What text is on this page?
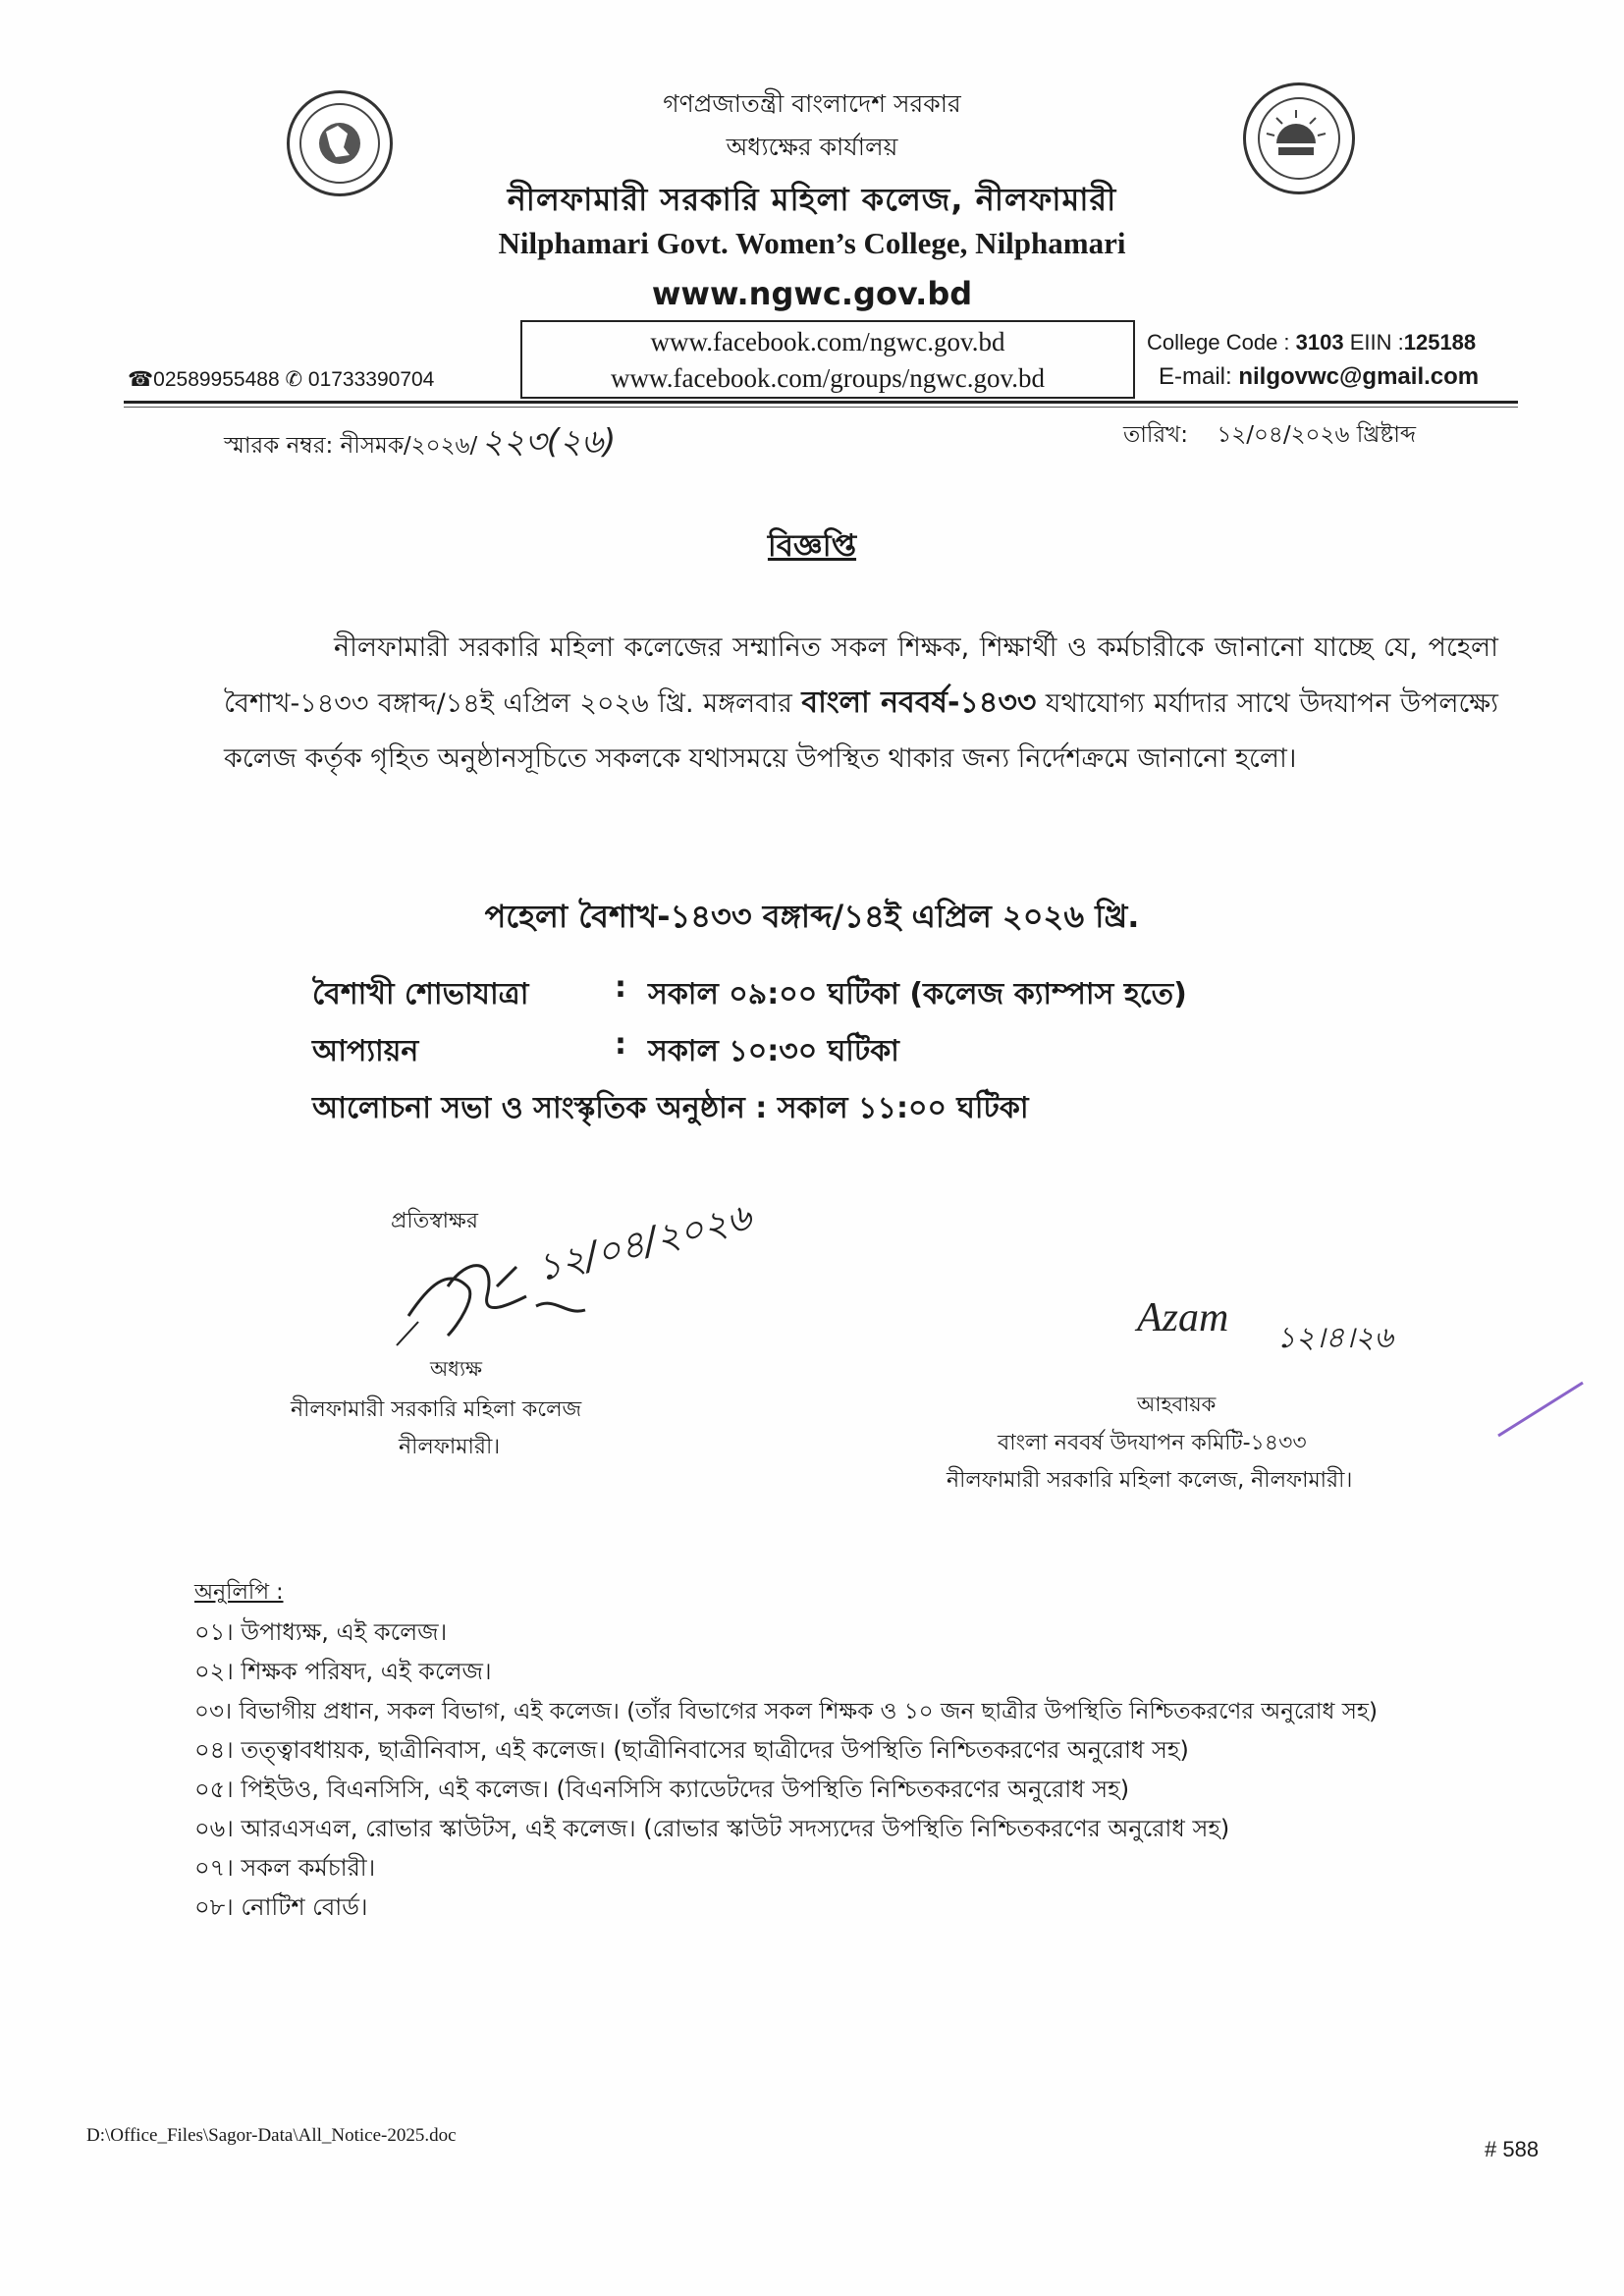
গণপ্রজাতন্ত্রী বাংলাদেশ সরকার
অধ্যক্ষের কার্যালয়
নীলফামারী সরকারি মহিলা কলেজ, নীলফামারী
Nilphamari Govt. Women’s College, Nilphamari
www.ngwc.gov.bd
www.facebook.com/ngwc.gov.bd
www.facebook.com/groups/ngwc.gov.bd
☎02589955488 ✆ 01733390704
College Code : 3103 EIIN :125188
E-mail: nilgovwc@gmail.com
স্মারক নম্বর: নীসমক/২০২৬/ ২২৩(২৬)	তারিখ: ১২/০৪/২০২৬ খ্রিষ্টাব্দ
বিজ্ঞপ্তি
নীলফামারী সরকারি মহিলা কলেজের সম্মানিত সকল শিক্ষক, শিক্ষার্থী ও কর্মচারীকে জানানো যাচ্ছে যে, পহেলা বৈশাখ-১৪৩৩ বঙ্গাব্দ/১৪ই এপ্রিল ২০২৬ খ্রি. মঙ্গলবার বাংলা নববর্ষ-১৪৩৩ যথাযোগ্য মর্যাদার সাথে উদযাপন উপলক্ষ্যে কলেজ কর্তৃক গৃহিত অনুষ্ঠানসূচিতে সকলকে যথাসময়ে উপস্থিত থাকার জন্য নির্দেশক্রমে জানানো হলো।
পহেলা বৈশাখ-১৪৩৩ বঙ্গাব্দ/১৪ই এপ্রিল ২০২৬ খ্রি.
বৈশাখী শোভাযাত্রা	: সকাল ০৯:০০ ঘটিকা (কলেজ ক্যাম্পাস হতে)
আপ্যায়ন	: সকাল ১০:৩০ ঘটিকা
আলোচনা সভা ও সাংস্কৃতিক অনুষ্ঠান : সকাল ১১:০০ ঘটিকা
প্রতিস্বাক্ষর ১২/০৪/২০২৬
অধ্যক্ষ
নীলফামারী সরকারি মহিলা কলেজ
নীলফামারী।
Azam ১২।৪।২৬
আহবায়ক
বাংলা নববর্ষ উদযাপন কমিটি-১৪৩৩
নীলফামারী সরকারি মহিলা কলেজ, নীলফামারী।
অনুলিপি :
০১। উপাধ্যক্ষ, এই কলেজ।
০২। শিক্ষক পরিষদ, এই কলেজ।
০৩। বিভাগীয় প্রধান, সকল বিভাগ, এই কলেজ। (তাঁর বিভাগের সকল শিক্ষক ও ১০ জন ছাত্রীর উপস্থিতি নিশ্চিতকরণের অনুরোধ সহ)
০৪। তত্ত্বাবধায়ক, ছাত্রীনিবাস, এই কলেজ। (ছাত্রীনিবাসের ছাত্রীদের উপস্থিতি নিশ্চিতকরণের অনুরোধ সহ)
০৫। পিইউও, বিএনসিসি, এই কলেজ। (বিএনসিসি ক্যাডেটদের উপস্থিতি নিশ্চিতকরণের অনুরোধ সহ)
০৬। আরএসএল, রোভার স্কাউটস, এই কলেজ। (রোভার স্কাউট সদস্যদের উপস্থিতি নিশ্চিতকরণের অনুরোধ সহ)
০৭। সকল কর্মচারী।
০৮। নোটিশ বোর্ড।
D:\Office_Files\Sagor-Data\All_Notice-2025.doc
# 588
